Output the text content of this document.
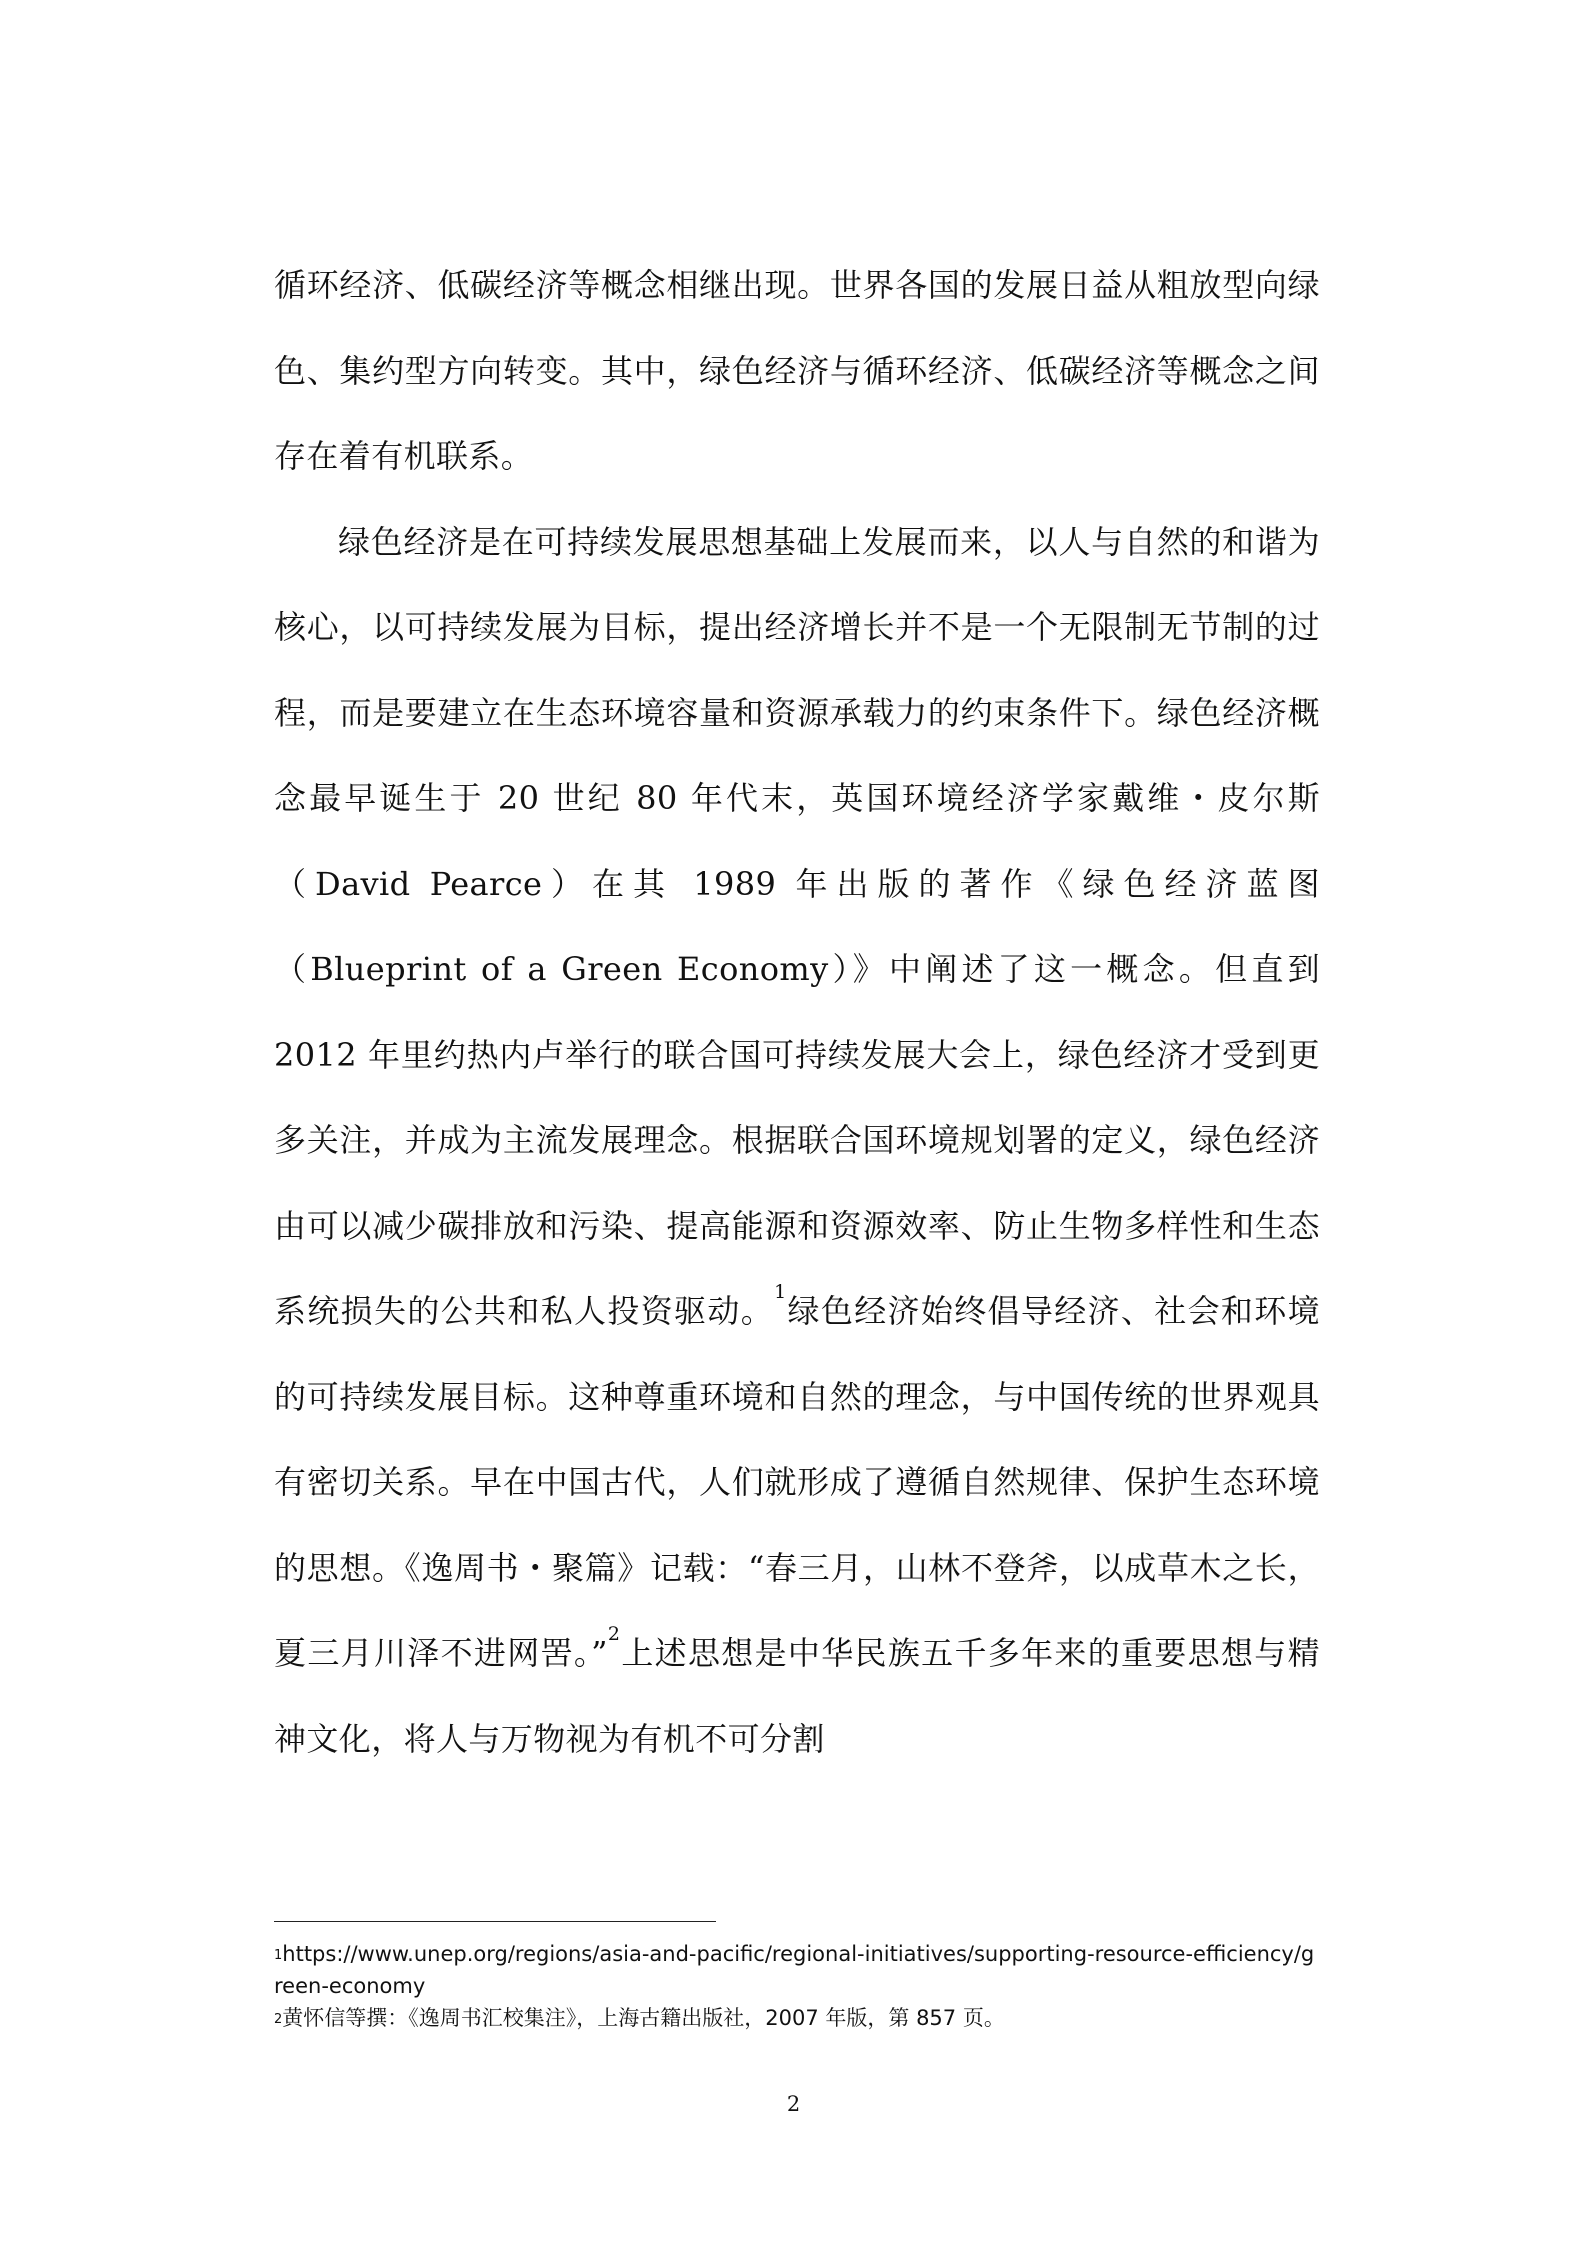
循环经济、低碳经济等概念相继出现。世界各国的发展日益从粗放型向绿色、集约型方向转变。其中，绿色经济与循环经济、低碳经济等概念之间存在着有机联系。

绿色经济是在可持续发展思想基础上发展而来，以人与自然的和谐为核心，以可持续发展为目标，提出经济增长并不是一个无限制无节制的过程，而是要建立在生态环境容量和资源承载力的约束条件下。绿色经济概念最早诞生于 20 世纪 80 年代末，英国环境经济学家戴维・皮尔斯（David Pearce）在其 1989 年出版的著作《绿色经济蓝图（Blueprint of a Green Economy）》中阐述了这一概念。但直到 2012 年里约热内卢举行的联合国可持续发展大会上，绿色经济才受到更多关注，并成为主流发展理念。根据联合国环境规划署的定义，绿色经济由可以减少碳排放和污染、提高能源和资源效率、防止生物多样性和生态系统损失的公共和私人投资驱动。$^1$绿色经济始终倡导经济、社会和环境的可持续发展目标。这种尊重环境和自然的理念，与中国传统的世界观具有密切关系。早在中国古代，人们就形成了遵循自然规律、保护生态环境的思想。《逸周书・聚篇》记载：“春三月，山林不登斧，以成草木之长，夏三月川泽不进网罟。”$^2$上述思想是中华民族五千多年来的重要思想与精神文化，将人与万物视为有机不可分割

$^1$https://www.unep.org/regions/asia-and-pacific/regional-initiatives/supporting-resource-efficiency/green-economy

$^2$黄怀信等撰：《逸周书汇校集注》，上海古籍出版社，2007 年版，第 857 页。

2
